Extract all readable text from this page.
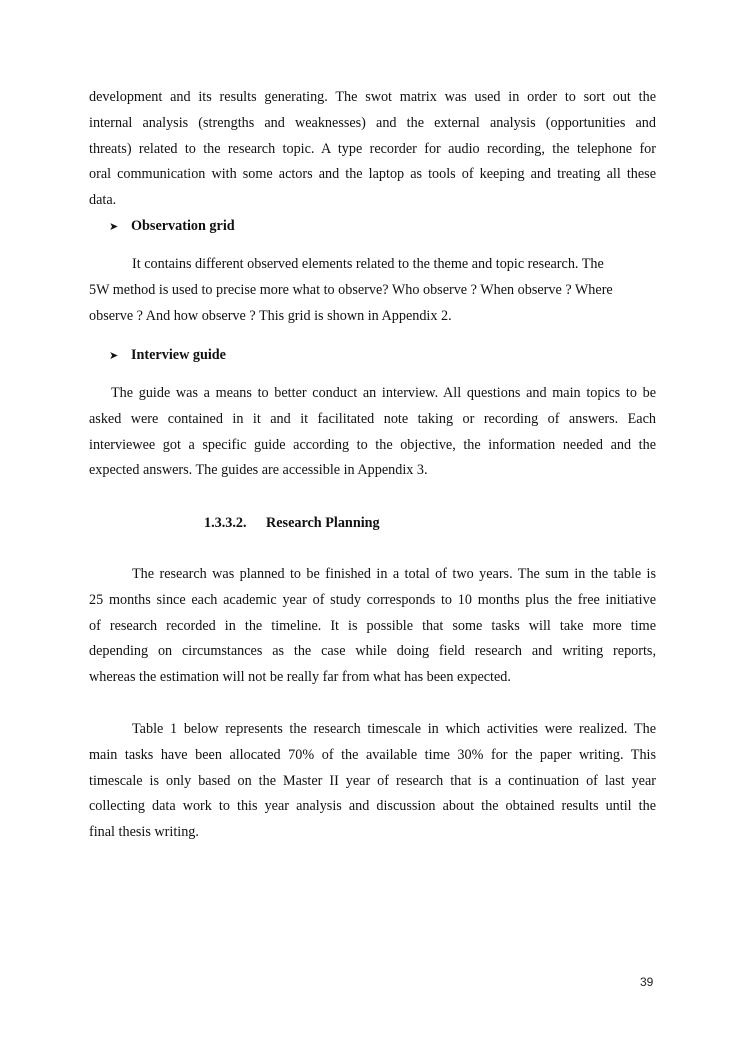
development and its results generating. The swot matrix was used in order to sort out the
internal analysis (strengths and weaknesses) and the external analysis (opportunities and
threats) related to the research topic. A type recorder for audio recording, the telephone for
oral communication with some actors and the laptop as tools of keeping and treating all these
data.
➤ Observation grid
It contains different observed elements related to the theme and topic research. The
5W method is used to precise more what to observe? Who observe ? When observe ? Where
observe ? And how observe ? This grid is shown in Appendix 2.
➤ Interview guide
The guide was a means to better conduct an interview. All questions and main topics to be
asked were contained in it and it facilitated note taking or recording of answers. Each
interviewee got a specific guide according to the objective, the information needed and the
expected answers. The guides are accessible in Appendix 3.
1.3.3.2. Research Planning
The research was planned to be finished in a total of two years. The sum in the table is
25 months since each academic year of study corresponds to 10 months plus the free initiative
of research recorded in the timeline. It is possible that some tasks will take more time
depending on circumstances as the case while doing field research and writing reports,
whereas the estimation will not be really far from what has been expected.
Table 1 below represents the research timescale in which activities were realized. The
main tasks have been allocated 70% of the available time 30% for the paper writing. This
timescale is only based on the Master II year of research that is a continuation of last year
collecting data work to this year analysis and discussion about the obtained results until the
final thesis writing.
39
